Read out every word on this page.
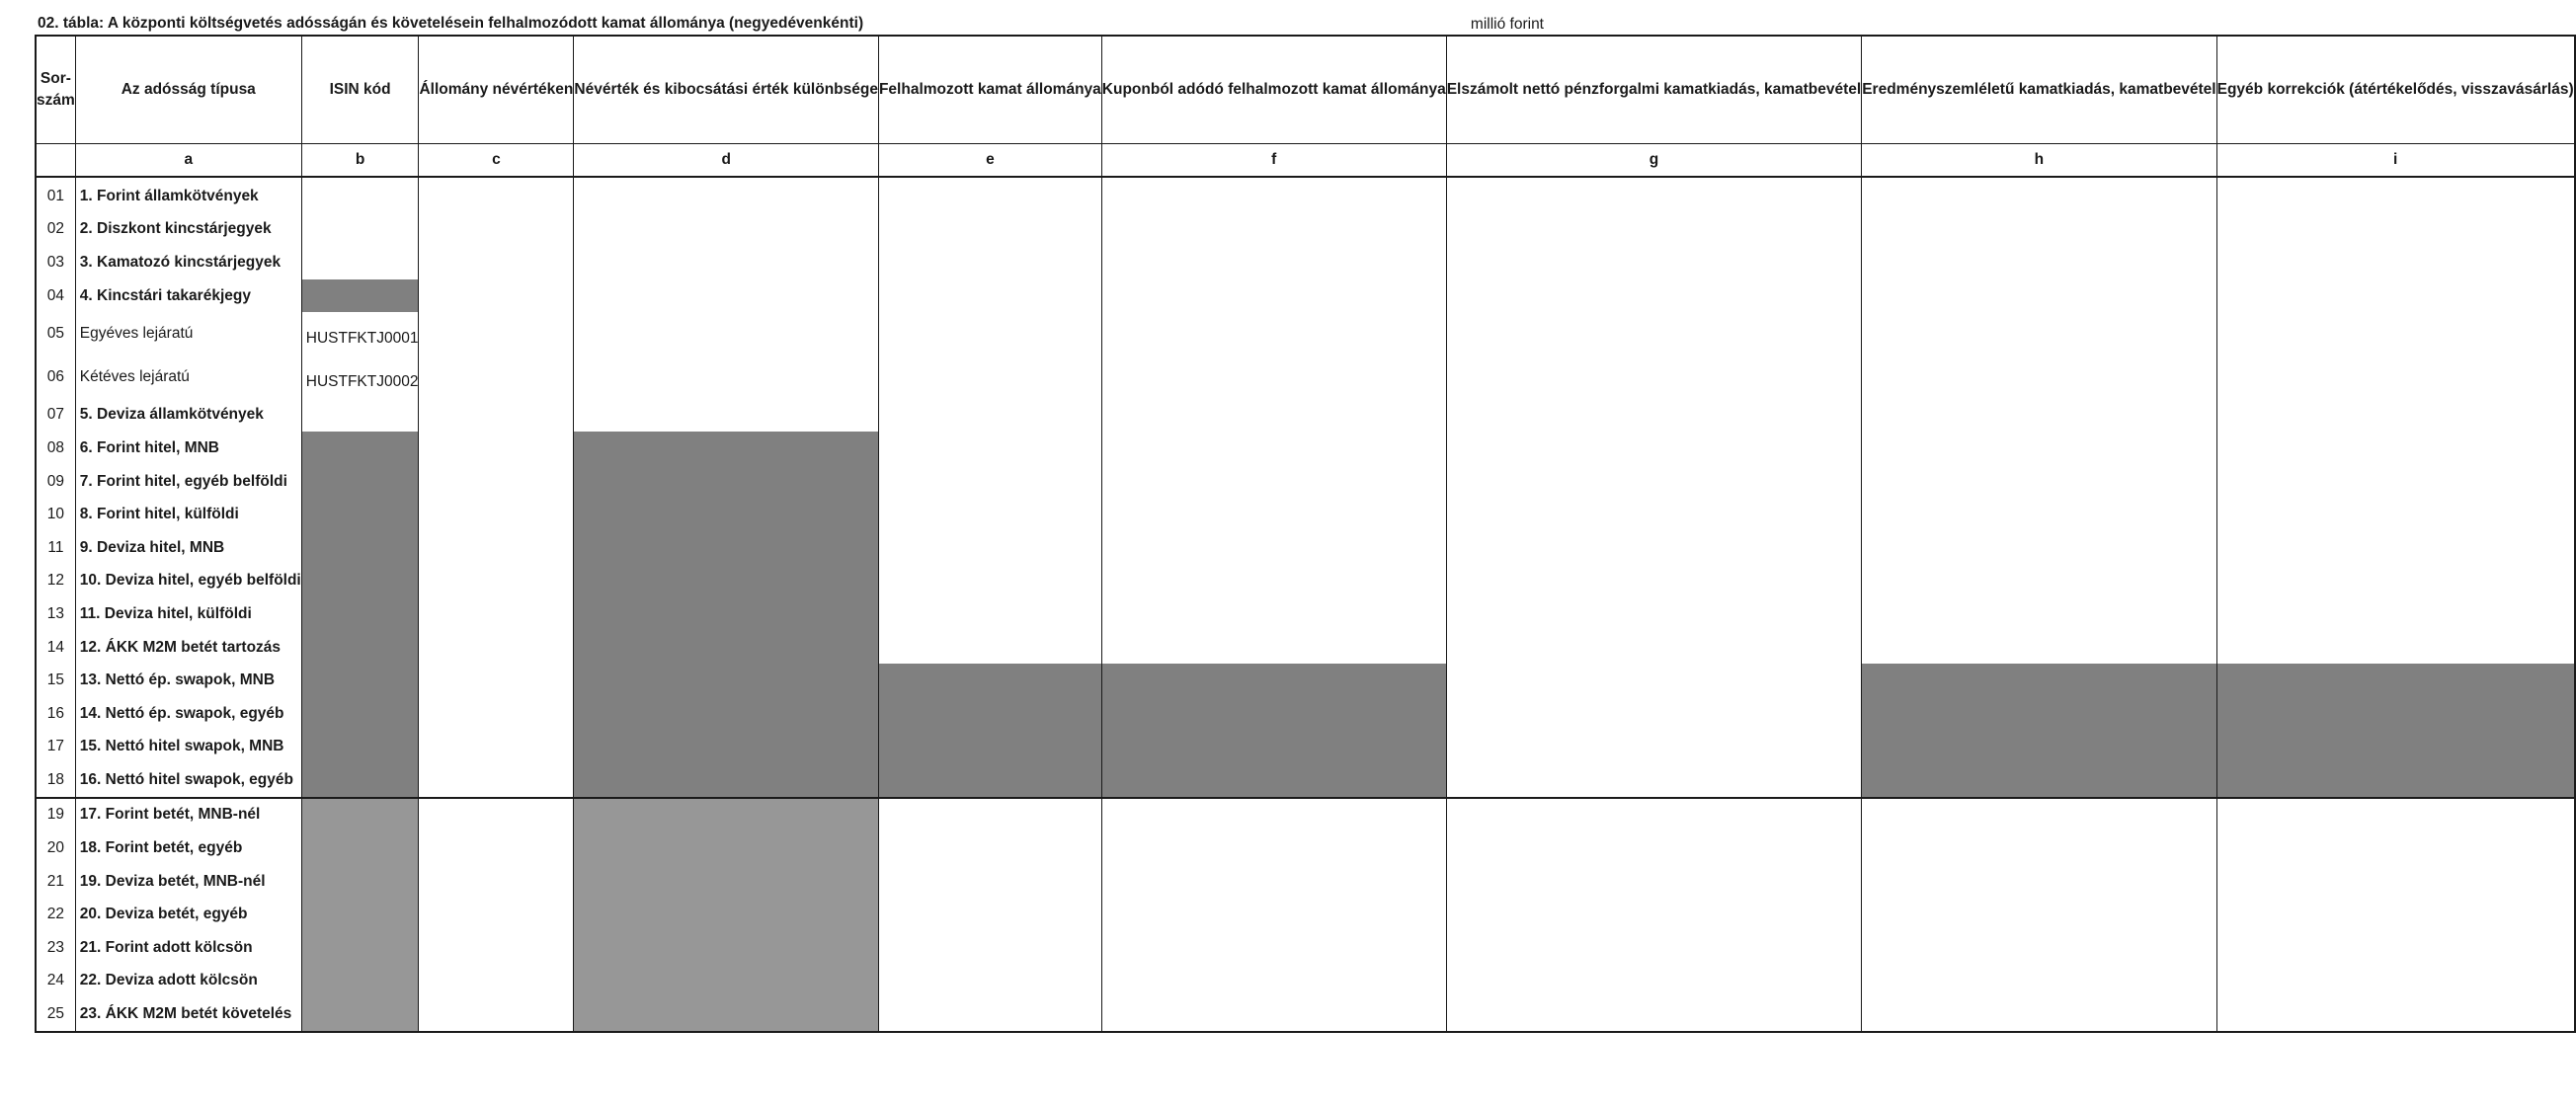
02. tábla: A központi költségvetés adósságán és követelésein felhalmozódott kamat állománya (negyedévenkénti)	millió forint
Sor-
szám	Az adósság típusa	ISIN kód	Állomány névértéken	Névérték és kibocsátási érték különbsége	Felhalmozott kamat állománya	Kuponból adódó felhalmozott kamat állománya	Elszámolt nettó pénzforgalmi kamatkiadás, kamatbevétel	Eredményszemléletű kamatkiadás, kamatbevétel	Egyéb korrekciók (átértékelődés, visszavásárlás)
	a	b	c	d	e	f	g	h	i
01	1. Forint államkötvények								
02	2. Diszkont kincstárjegyek								
03	3. Kamatozó kincstárjegyek								
04	4. Kincstári takarékjegy								
05	Egyéves lejáratú	HUSTFKTJ0001							
06	Kétéves lejáratú	HUSTFKTJ0002							
07	5. Deviza államkötvények								
08	6. Forint hitel, MNB								
09	7. Forint hitel, egyéb belföldi								
10	8. Forint hitel, külföldi								
11	9. Deviza hitel, MNB								
12	10. Deviza hitel, egyéb belföldi								
13	11. Deviza hitel, külföldi								
14	12. ÁKK M2M betét tartozás								
15	13. Nettó ép. swapok, MNB								
16	14. Nettó ép. swapok, egyéb								
17	15. Nettó hitel swapok, MNB								
18	16. Nettó hitel swapok, egyéb								
19	17. Forint betét, MNB-nél								
20	18. Forint betét, egyéb								
21	19. Deviza betét, MNB-nél								
22	20. Deviza betét, egyéb								
23	21. Forint adott kölcsön								
24	22. Deviza adott kölcsön								
25	23. ÁKK M2M betét követelés								
